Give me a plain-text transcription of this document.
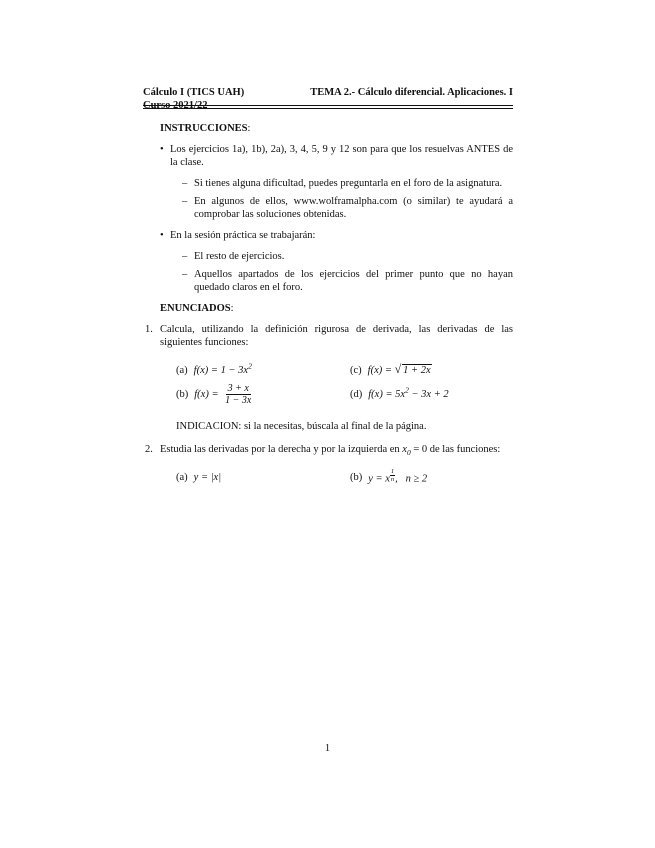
Cálculo I (TICS UAH)	TEMA 2.- Cálculo diferencial. Aplicaciones. I
Curso 2021/22
INSTRUCCIONES:
• Los ejercicios 1a), 1b), 2a), 3, 4, 5, 9 y 12 son para que los resuelvas ANTES de la clase.
– Si tienes alguna dificultad, puedes preguntarla en el foro de la asignatura.
– En algunos de ellos, www.wolframalpha.com (o similar) te ayudará a comprobar las soluciones obtenidas.
• En la sesión práctica se trabajarán:
– El resto de ejercicios.
– Aquellos apartados de los ejercicios del primer punto que no hayan quedado claros en el foro.
ENUNCIADOS:
1. Calcula, utilizando la definición rigurosa de derivada, las derivadas de las siguientes funciones:
(a) $f(x) = 1 - 3x^2$	(c) f(x) = √ 1 + 2x
(b) $f(x) = \frac{3 + x}{1 - 3x}$	(d) $f(x) = 5x^2 - 3x + 2$
INDICACION: si la necesitas, búscala al final de la página.
2. Estudia las derivadas por la derecha y por la izquierda en $x_0 = 0$ de las funciones:
(a) y = |x|	(b) y = x $^{\frac{1}{n}}$ ,   n ≥ 2
1
